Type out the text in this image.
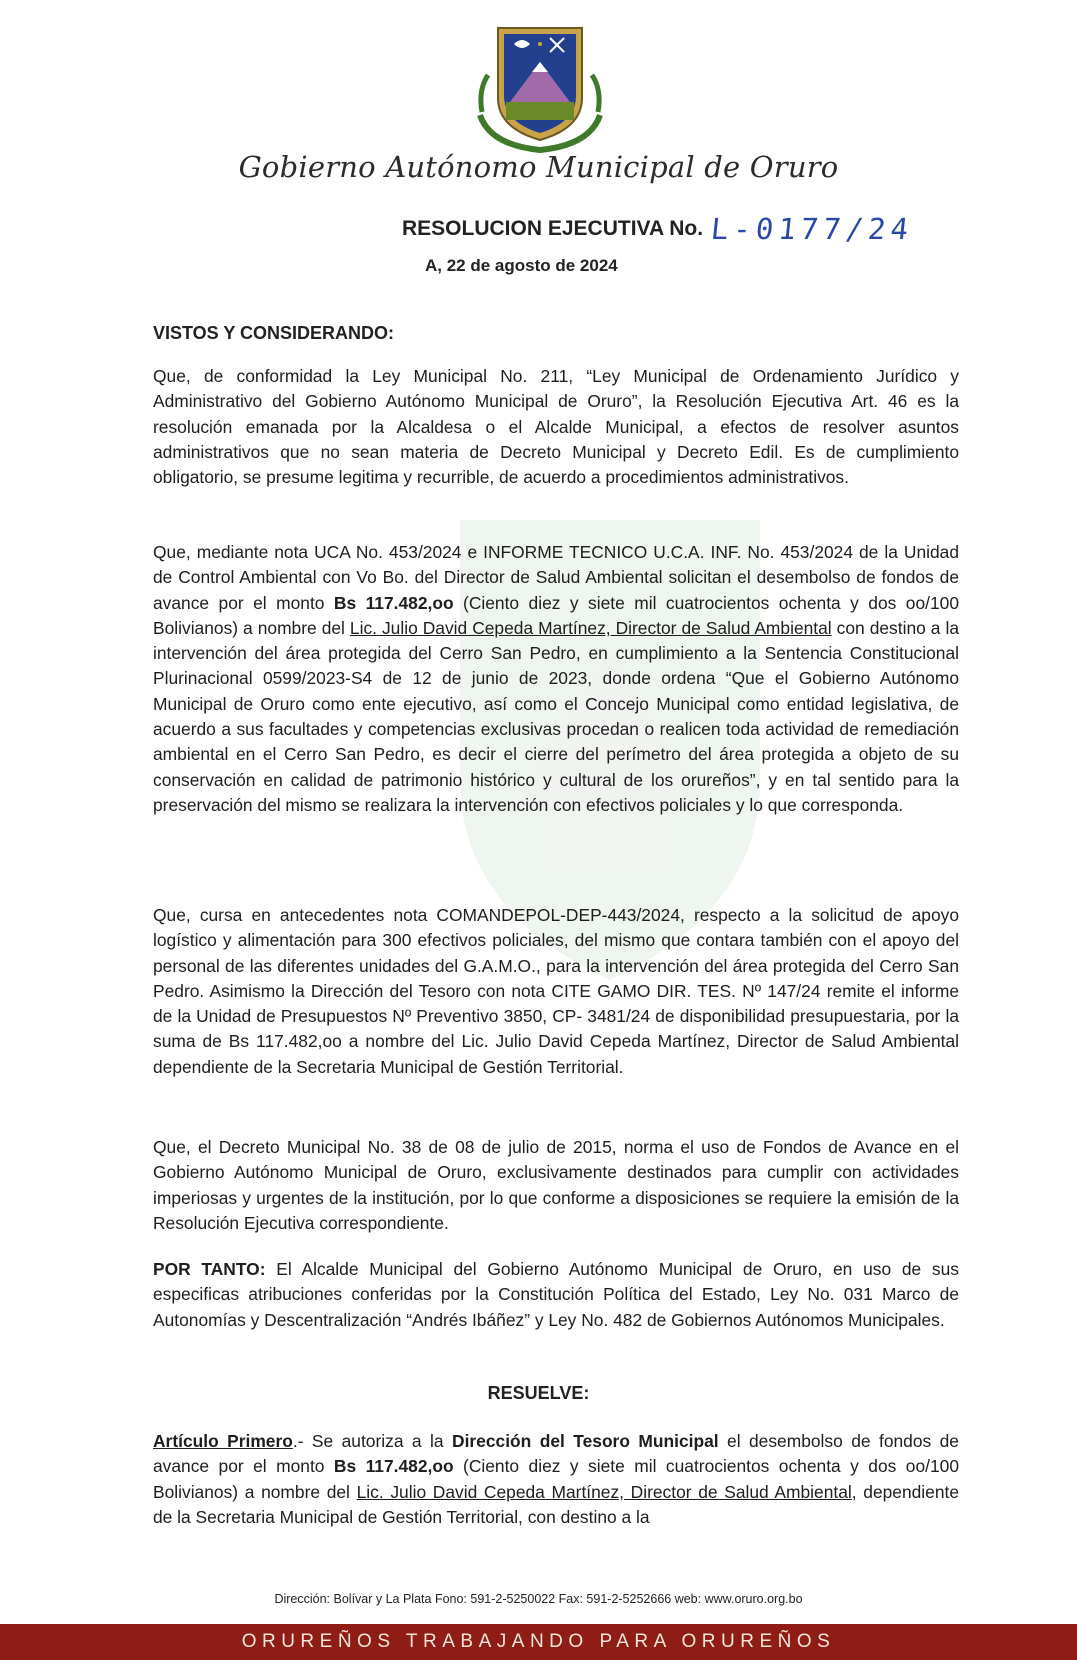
Gobierno Autónomo Municipal de Oruro
RESOLUCION EJECUTIVA No. L-0177/24
A, 22 de agosto de 2024
VISTOS Y CONSIDERANDO:
Que, de conformidad la Ley Municipal No. 211, “Ley Municipal de Ordenamiento Jurídico y Administrativo del Gobierno Autónomo Municipal de Oruro”, la Resolución Ejecutiva Art. 46 es la resolución emanada por la Alcaldesa o el Alcalde Municipal, a efectos de resolver asuntos administrativos que no sean materia de Decreto Municipal y Decreto Edil. Es de cumplimiento obligatorio, se presume legitima y recurrible, de acuerdo a procedimientos administrativos.
Que, mediante nota UCA No. 453/2024 e INFORME TECNICO U.C.A. INF. No. 453/2024 de la Unidad de Control Ambiental con Vo Bo. del Director de Salud Ambiental solicitan el desembolso de fondos de avance por el monto Bs 117.482,oo (Ciento diez y siete mil cuatrocientos ochenta y dos oo/100 Bolivianos) a nombre del Lic. Julio David Cepeda Martínez, Director de Salud Ambiental con destino a la intervención del área protegida del Cerro San Pedro, en cumplimiento a la Sentencia Constitucional Plurinacional 0599/2023-S4 de 12 de junio de 2023, donde ordena “Que el Gobierno Autónomo Municipal de Oruro como ente ejecutivo, así como el Concejo Municipal como entidad legislativa, de acuerdo a sus facultades y competencias exclusivas procedan o realicen toda actividad de remediación ambiental en el Cerro San Pedro, es decir el cierre del perímetro del área protegida a objeto de su conservación en calidad de patrimonio histórico y cultural de los orureños”, y en tal sentido para la preservación del mismo se realizara la intervención con efectivos policiales y lo que corresponda.
Que, cursa en antecedentes nota COMANDEPOL-DEP-443/2024, respecto a la solicitud de apoyo logístico y alimentación para 300 efectivos policiales, del mismo que contara también con el apoyo del personal de las diferentes unidades del G.A.M.O., para la intervención del área protegida del Cerro San Pedro. Asimismo la Dirección del Tesoro con nota CITE GAMO DIR. TES. Nº 147/24 remite el informe de la Unidad de Presupuestos Nº Preventivo 3850, CP- 3481/24 de disponibilidad presupuestaria, por la suma de Bs 117.482,oo a nombre del Lic. Julio David Cepeda Martínez, Director de Salud Ambiental dependiente de la Secretaria Municipal de Gestión Territorial.
Que, el Decreto Municipal No. 38 de 08 de julio de 2015, norma el uso de Fondos de Avance en el Gobierno Autónomo Municipal de Oruro, exclusivamente destinados para cumplir con actividades imperiosas y urgentes de la institución, por lo que conforme a disposiciones se requiere la emisión de la Resolución Ejecutiva correspondiente.
POR TANTO: El Alcalde Municipal del Gobierno Autónomo Municipal de Oruro, en uso de sus especificas atribuciones conferidas por la Constitución Política del Estado, Ley No. 031 Marco de Autonomías y Descentralización “Andrés Ibáñez” y Ley No. 482 de Gobiernos Autónomos Municipales.
RESUELVE:
Artículo Primero.- Se autoriza a la Dirección del Tesoro Municipal el desembolso de fondos de avance por el monto Bs 117.482,oo (Ciento diez y siete mil cuatrocientos ochenta y dos oo/100 Bolivianos) a nombre del Lic. Julio David Cepeda Martínez, Director de Salud Ambiental, dependiente de la Secretaria Municipal de Gestión Territorial, con destino a la
Dirección: Bolívar y La Plata Fono: 591-2-5250022 Fax: 591-2-5252666 web: www.oruro.org.bo
ORUREÑOS TRABAJANDO PARA ORUREÑOS
